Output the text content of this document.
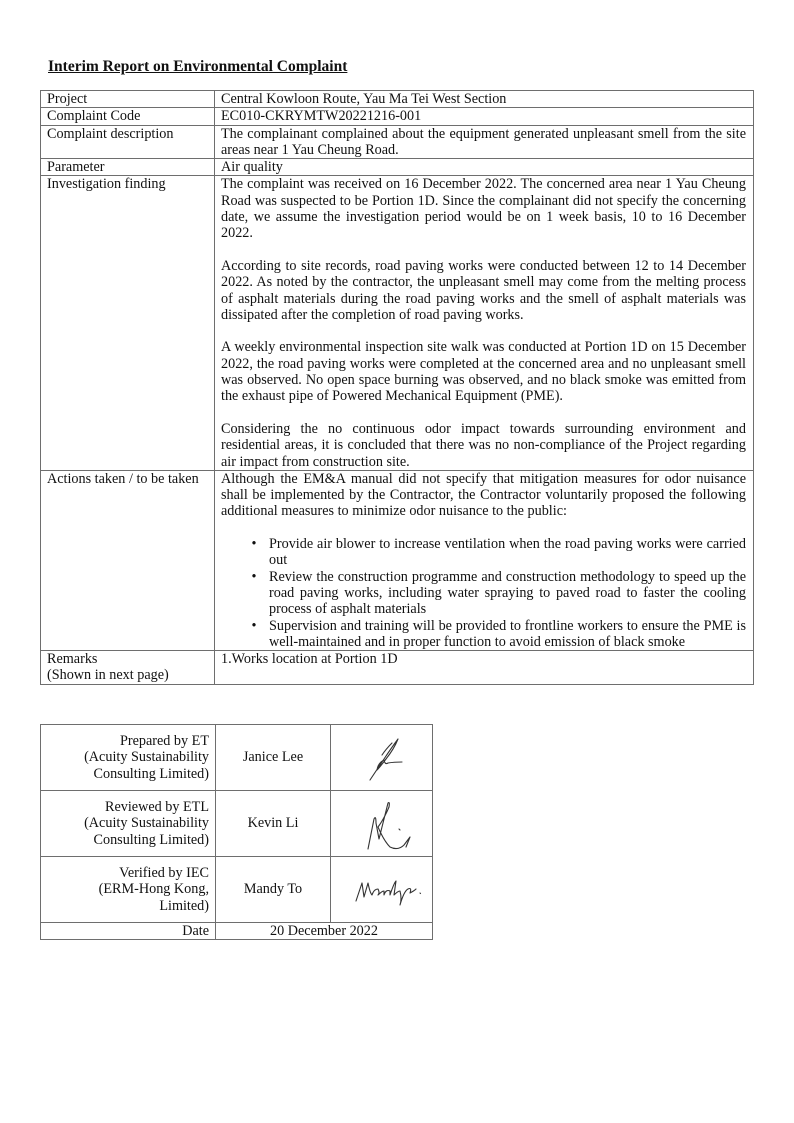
Interim Report on Environmental Complaint
Project	Central Kowloon Route, Yau Ma Tei West Section
Complaint Code	EC010-CKRYMTW20221216-001
Complaint description	The complainant complained about the equipment generated unpleasant smell from the site areas near 1 Yau Cheung Road.
Parameter	Air quality
Investigation finding	The complaint was received on 16 December 2022. The concerned area near 1 Yau Cheung Road was suspected to be Portion 1D. Since the complainant did not specify the concerning date, we assume the investigation period would be on 1 week basis, 10 to 16 December 2022.

According to site records, road paving works were conducted between 12 to 14 December 2022. As noted by the contractor, the unpleasant smell may come from the melting process of asphalt materials during the road paving works and the smell of asphalt materials was dissipated after the completion of road paving works.

A weekly environmental inspection site walk was conducted at Portion 1D on 15 December 2022, the road paving works were completed at the concerned area and no unpleasant smell was observed. No open space burning was observed, and no black smoke was emitted from the exhaust pipe of Powered Mechanical Equipment (PME).

Considering the no continuous odor impact towards surrounding environment and residential areas, it is concluded that there was no non-compliance of the Project regarding air impact from construction site.

Actions taken / to be taken	Although the EM&A manual did not specify that mitigation measures for odor nuisance shall be implemented by the Contractor, the Contractor voluntarily proposed the following additional measures to minimize odor nuisance to the public:

• Provide air blower to increase ventilation when the road paving works were carried out
• Review the construction programme and construction methodology to speed up the road paving works, including water spraying to paved road to faster the cooling process of asphalt materials
• Supervision and training will be provided to frontline workers to ensure the PME is well-maintained and in proper function to avoid emission of black smoke

Remarks
(Shown in next page)	1.Works location at Portion 1D
Prepared by ET
(Acuity Sustainability
Consulting Limited)	Janice Lee	

Reviewed by ETL
(Acuity Sustainability
Consulting Limited)	Kevin Li	

Verified by IEC
(ERM-Hong Kong,
Limited)	Mandy To	

Date	20 December 2022	
